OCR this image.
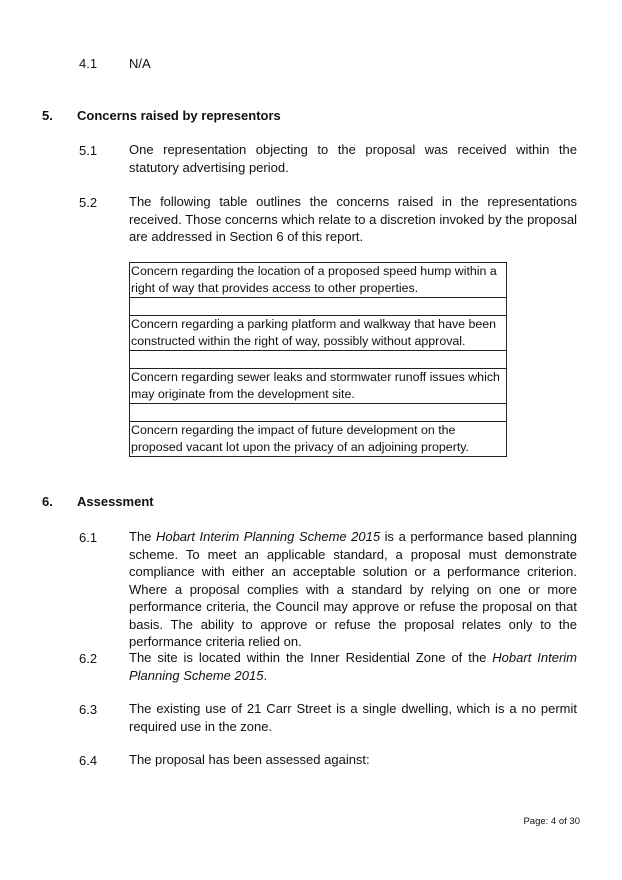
4.1 N/A
5. Concerns raised by representors
5.1 One representation objecting to the proposal was received within the statutory advertising period.
5.2 The following table outlines the concerns raised in the representations received. Those concerns which relate to a discretion invoked by the proposal are addressed in Section 6 of this report.
Concern regarding the location of a proposed speed hump within a right of way that provides access to other properties.

Concern regarding a parking platform and walkway that have been constructed within the right of way, possibly without approval.

Concern regarding sewer leaks and stormwater runoff issues which may originate from the development site.

Concern regarding the impact of future development on the proposed vacant lot upon the privacy of an adjoining property.
6. Assessment
6.1 The Hobart Interim Planning Scheme 2015 is a performance based planning scheme. To meet an applicable standard, a proposal must demonstrate compliance with either an acceptable solution or a performance criterion. Where a proposal complies with a standard by relying on one or more performance criteria, the Council may approve or refuse the proposal on that basis. The ability to approve or refuse the proposal relates only to the performance criteria relied on.
6.2 The site is located within the Inner Residential Zone of the Hobart Interim Planning Scheme 2015.
6.3 The existing use of 21 Carr Street is a single dwelling, which is a no permit required use in the zone.
6.4 The proposal has been assessed against:
Page: 4 of 30
